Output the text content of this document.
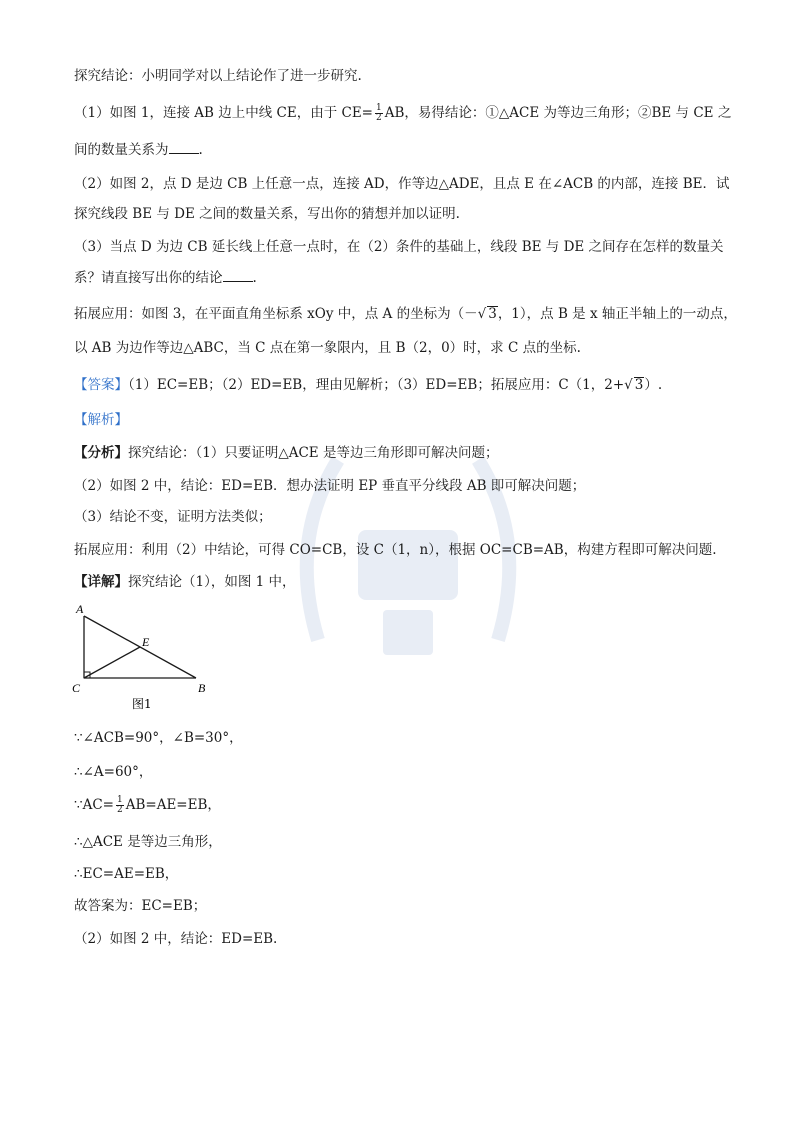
探究结论：小明同学对以上结论作了进一步研究.
（1）如图 1，连接 AB 边上中线 CE，由于 $CE= \frac{1}{2}$ AB，易得结论：①△ACE 为等边三角形；②BE 与 CE 之
间的数量关系为 .
（2）如图 2，点 D 是边 CB 上任意一点，连接 AD，作等边△ADE，且点 E 在∠ACB 的内部，连接 BE．试
探究线段 BE 与 DE 之间的数量关系，写出你的猜想并加以证明.
（3）当点 D 为边 CB 延长线上任意一点时，在（2）条件的基础上，线段 BE 与 DE 之间存在怎样的数量关
系？请直接写出你的结论 .
拓展应用：如图 3，在平面直角坐标系 xOy 中，点 A 的坐标为（－√ 3，1），点 B 是 x 轴正半轴上的一动点，
以 AB 为边作等边△ABC，当 C 点在第一象限内，且 B（2，0）时，求 C 点的坐标.
【答案】（1）EC=EB；（2）ED=EB，理由见解析；（3）ED=EB；拓展应用：C（1，2+√ 3）.
【解析】
【分析】探究结论：（1）只要证明△ACE 是等边三角形即可解决问题；
（2）如图 2 中，结论：ED=EB．想办法证明 EP 垂直平分线段 AB 即可解决问题；
（3）结论不变，证明方法类似；
拓展应用：利用（2）中结论，可得 CO=CB，设 C（1，n），根据 OC=CB=AB，构建方程即可解决问题.
【详解】探究结论（1），如图 1 中，
A
E
C	B
图1
∵∠ACB=90°，∠B=30°，
∴∠A=60°，
∵AC= $\frac{1}{2} AB=AE=EB$，
∴△ACE 是等边三角形，
∴EC=AE=EB，
故答案为：EC=EB；
（2）如图 2 中，结论：ED=EB.
